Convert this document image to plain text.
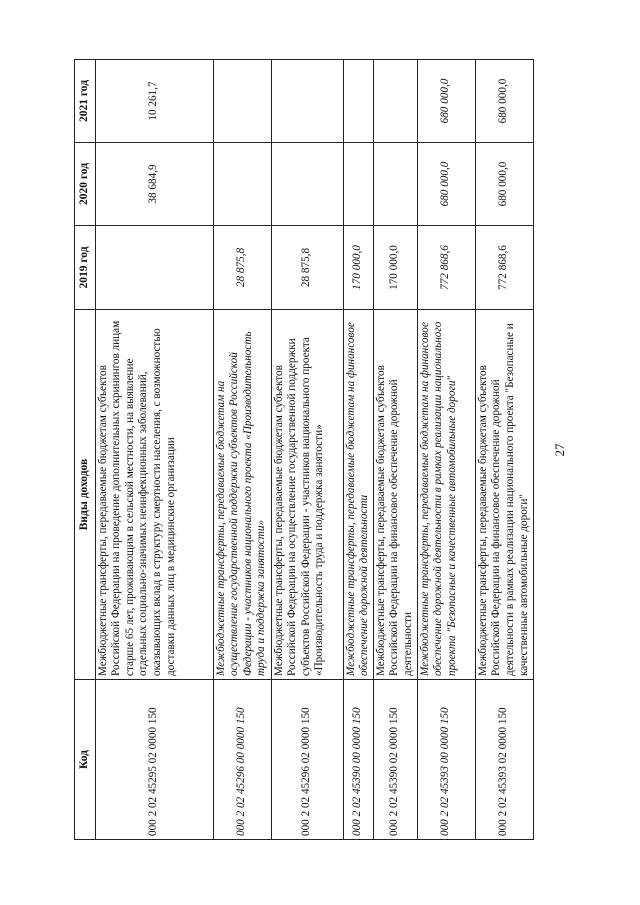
27
Код	Виды доходов	2019 год	2020 год	2021 год
000 2 02 45295 02 0000 150	Межбюджетные трансферты, передаваемые бюджетам субъектов Российской Федерации на проведение дополнительных скринингов лицам старше 65 лет, проживающим в сельской местности, на выявление отдельных социально-значимых неинфекционных заболеваний, оказывающих вклад в структуру смертности населения, с возможностью доставки данных лиц в медицинские организации		38 684,9	10 261,7
000 2 02 45296 00 0000 150	Межбюджетные трансферты, передаваемые бюджетам на осуществление государственной поддержки субъектов Российской Федерации - участников национального проекта «Производительность труда и поддержка занятости»	28 875,8		
000 2 02 45296 02 0000 150	Межбюджетные трансферты, передаваемые бюджетам субъектов Российской Федерации на осуществление государственной поддержки субъектов Российской Федерации - участников национального проекта «Производительность труда и поддержка занятости»	28 875,8		
000 2 02 45390 00 0000 150	Межбюджетные трансферты, передаваемые бюджетам на финансовое обеспечение дорожной деятельности	170 000,0		
000 2 02 45390 02 0000 150	Межбюджетные трансферты, передаваемые бюджетам субъектов Российской Федерации на финансовое обеспечение дорожной деятельности	170 000,0		
000 2 02 45393 00 0000 150	Межбюджетные трансферты, передаваемые бюджетам на финансовое обеспечение дорожной деятельности в рамках реализации национального проекта "Безопасные и качественные автомобильные дороги"	772 868,6	680 000,0	680 000,0
000 2 02 45393 02 0000 150	Межбюджетные трансферты, передаваемые бюджетам субъектов Российской Федерации на финансовое обеспечение дорожной деятельности в рамках реализации национального проекта "Безопасные и качественные автомобильные дороги"	772 868,6	680 000,0	680 000,0
